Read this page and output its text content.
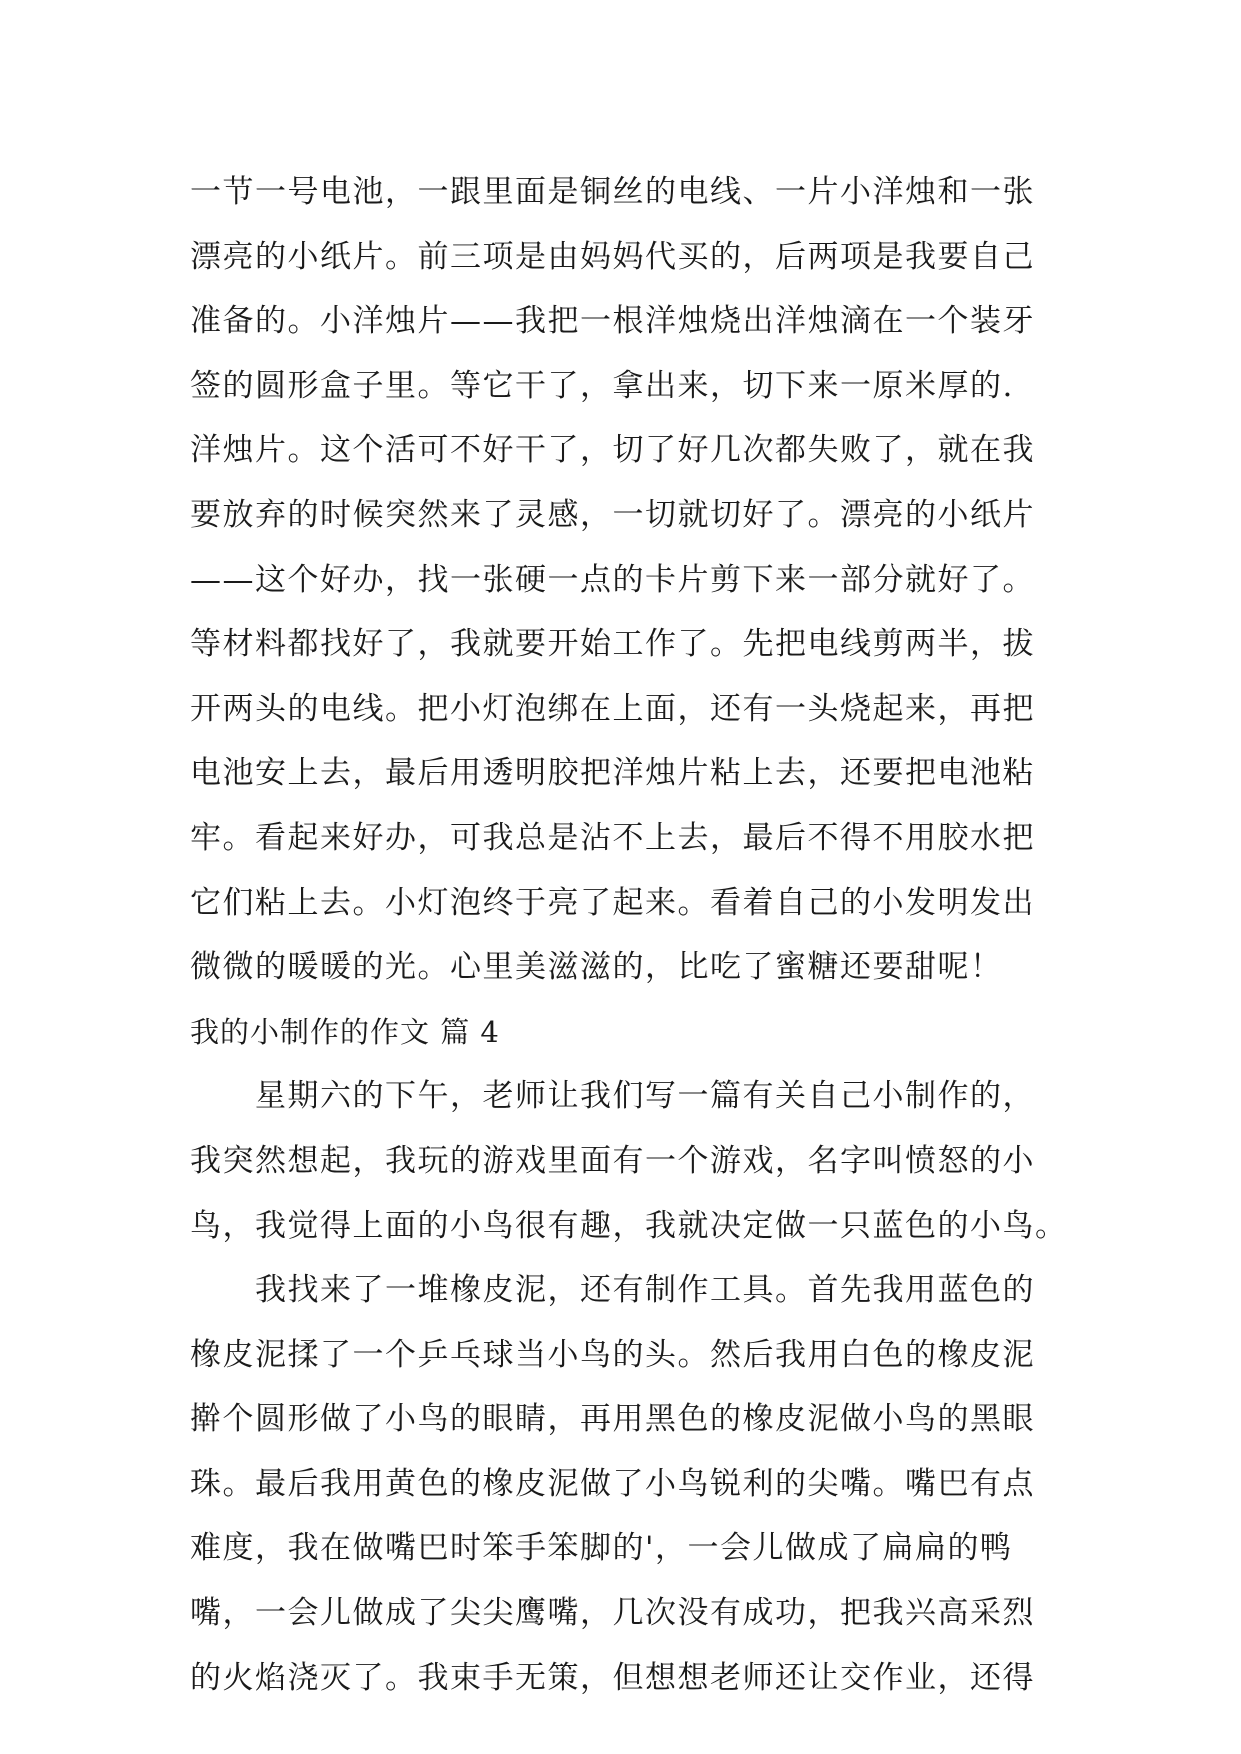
一节一号电池，一跟里面是铜丝的电线、一片小洋烛和一张
漂亮的小纸片。前三项是由妈妈代买的，后两项是我要自己
准备的。小洋烛片——我把一根洋烛烧出洋烛滴在一个装牙
签的圆形盒子里。等它干了，拿出来，切下来一原米厚的.
洋烛片。这个活可不好干了，切了好几次都失败了，就在我
要放弃的时候突然来了灵感，一切就切好了。漂亮的小纸片
——这个好办，找一张硬一点的卡片剪下来一部分就好了。
等材料都找好了，我就要开始工作了。先把电线剪两半，拔
开两头的电线。把小灯泡绑在上面，还有一头烧起来，再把
电池安上去，最后用透明胶把洋烛片粘上去，还要把电池粘
牢。看起来好办，可我总是沾不上去，最后不得不用胶水把
它们粘上去。小灯泡终于亮了起来。看着自己的小发明发出
微微的暖暖的光。心里美滋滋的，比吃了蜜糖还要甜呢！
我的小制作的作文 篇 4
　　星期六的下午，老师让我们写一篇有关自己小制作的，
我突然想起，我玩的游戏里面有一个游戏，名字叫愤怒的小
鸟，我觉得上面的小鸟很有趣，我就决定做一只蓝色的小鸟。
　　我找来了一堆橡皮泥，还有制作工具。首先我用蓝色的
橡皮泥揉了一个乒乓球当小鸟的头。然后我用白色的橡皮泥
擀个圆形做了小鸟的眼睛，再用黑色的橡皮泥做小鸟的黑眼
珠。最后我用黄色的橡皮泥做了小鸟锐利的尖嘴。嘴巴有点
难度，我在做嘴巴时笨手笨脚的'，一会儿做成了扁扁的鸭
嘴，一会儿做成了尖尖鹰嘴，几次没有成功，把我兴高采烈
的火焰浇灭了。我束手无策，但想想老师还让交作业，还得
